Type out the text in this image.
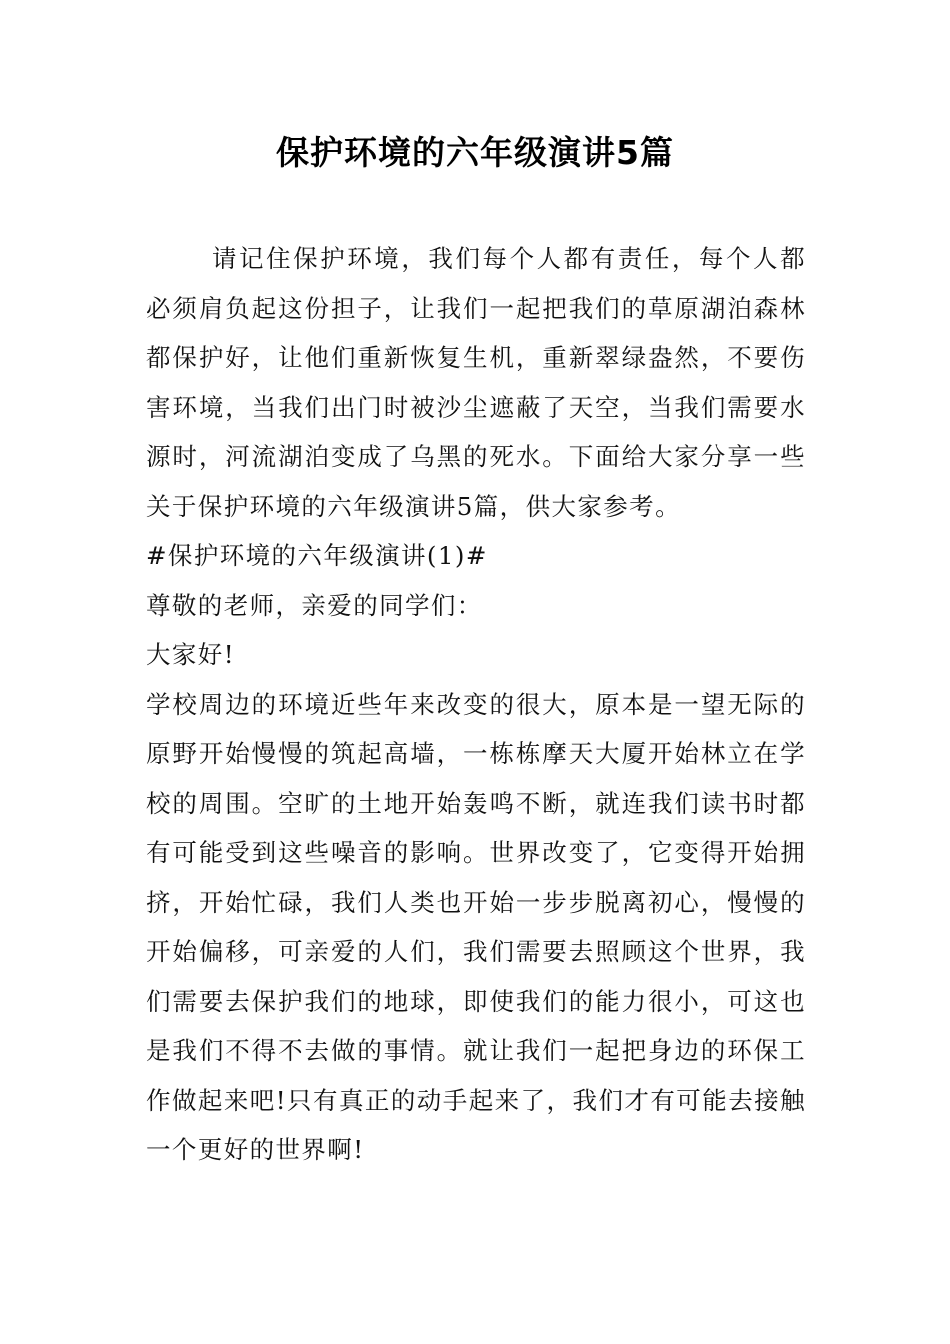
保护环境的六年级演讲5篇

请记住保护环境，我们每个人都有责任，每个人都必须肩负起这份担子，让我们一起把我们的草原湖泊森林都保护好，让他们重新恢复生机，重新翠绿盎然，不要伤害环境，当我们出门时被沙尘遮蔽了天空，当我们需要水源时，河流湖泊变成了乌黑的死水。下面给大家分享一些关于保护环境的六年级演讲5篇，供大家参考。

#保护环境的六年级演讲(1)#

尊敬的老师，亲爱的同学们：

大家好!

学校周边的环境近些年来改变的很大，原本是一望无际的原野开始慢慢的筑起高墙，一栋栋摩天大厦开始林立在学校的周围。空旷的土地开始轰鸣不断，就连我们读书时都有可能受到这些噪音的影响。世界改变了，它变得开始拥挤，开始忙碌，我们人类也开始一步步脱离初心，慢慢的开始偏移，可亲爱的人们，我们需要去照顾这个世界，我们需要去保护我们的地球，即使我们的能力很小，可这也是我们不得不去做的事情。就让我们一起把身边的环保工作做起来吧!只有真正的动手起来了，我们才有可能去接触一个更好的世界啊!
